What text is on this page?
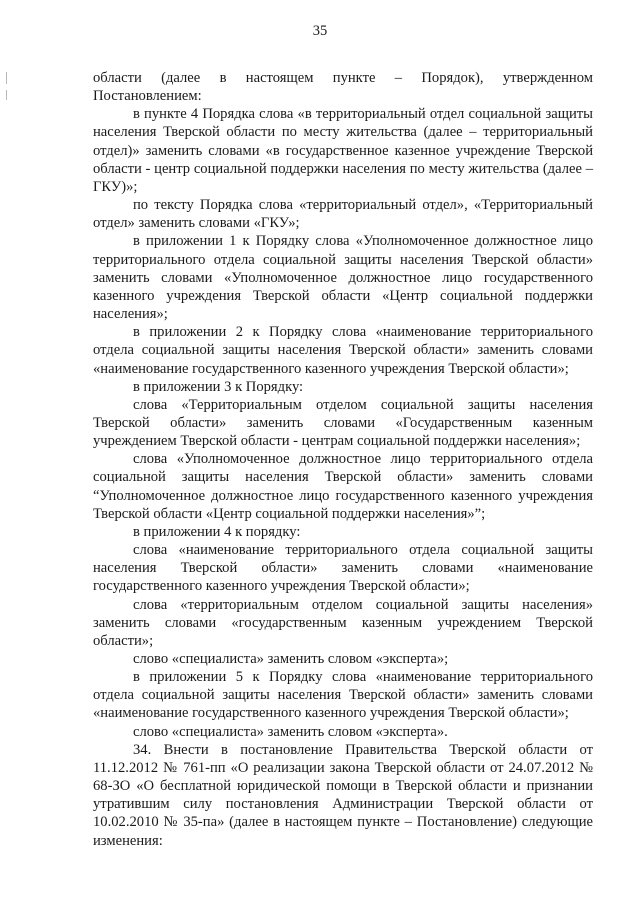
35

области (далее в настоящем пункте – Порядок), утвержденном Постановлением:

в пункте 4 Порядка слова «в территориальный отдел социальной защиты населения Тверской области по месту жительства (далее – территориальный отдел)» заменить словами «в государственное казенное учреждение Тверской области - центр социальной поддержки населения по месту жительства (далее – ГКУ)»;

по тексту Порядка слова «территориальный отдел», «Территориальный отдел» заменить словами «ГКУ»;

в приложении 1 к Порядку слова «Уполномоченное должностное лицо территориального отдела социальной защиты населения Тверской области» заменить словами «Уполномоченное должностное лицо государственного казенного учреждения Тверской области «Центр социальной поддержки населения»;

в приложении 2 к Порядку слова «наименование территориального отдела социальной защиты населения Тверской области» заменить словами «наименование государственного казенного учреждения Тверской области»;

в приложении 3 к Порядку:

слова «Территориальным отделом социальной защиты населения Тверской области» заменить словами «Государственным казенным учреждением Тверской области - центрам социальной поддержки населения»;

слова «Уполномоченное должностное лицо территориального отдела социальной защиты населения Тверской области» заменить словами “Уполномоченное должностное лицо государственного казенного учреждения Тверской области «Центр социальной поддержки населения»”;

в приложении 4 к порядку:

слова «наименование территориального отдела социальной защиты населения Тверской области» заменить словами «наименование государственного казенного учреждения Тверской области»;

слова «территориальным отделом социальной защиты населения» заменить словами «государственным казенным учреждением Тверской области»;

слово «специалиста» заменить словом «эксперта»;

в приложении 5 к Порядку слова «наименование территориального отдела социальной защиты населения Тверской области» заменить словами «наименование государственного казенного учреждения Тверской области»;

слово «специалиста» заменить словом «эксперта».

34. Внести в постановление Правительства Тверской области от 11.12.2012 № 761-пп «О реализации закона Тверской области от 24.07.2012 № 68-ЗО «О бесплатной юридической помощи в Тверской области и признании утратившим силу постановления Администрации Тверской области от 10.02.2010 № 35-па» (далее в настоящем пункте – Постановление) следующие изменения:
